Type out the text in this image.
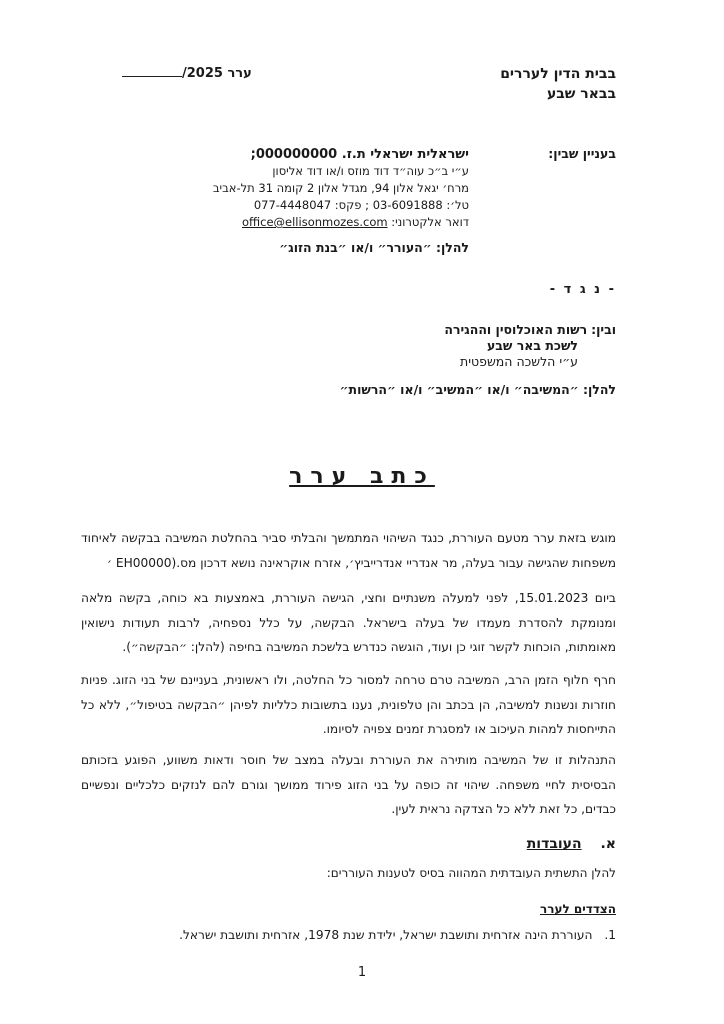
בבית הדין לעררים
בבאר שבע
ערר 2025/
בעניין שבין:
ישראלית ישראלי ת.ז. 000000000;
ע״י ב״כ עוה״ד דוד מוזס ו/או דוד אליסון
מרח׳ יגאל אלון 94, מגדל אלון 2 קומה 31 תל-אביב
טל׳: 03-6091888 ; פקס: 077-4448047
דואר אלקטרוני: office@ellisonmozes.com
להלן: ״העורר״ ו/או ״בנת הזוג״
- נ ג ד -
ובין: רשות האוכלוסין וההגירה
לשכת באר שבע
ע״י הלשכה המשפטית
להלן: ״המשיבה״ ו/או ״המשיב״ ו/או ״הרשות״
כתב ערר
מוגש בזאת ערר מטעם העוררת, כנגד השיהוי המתמשך והבלתי סביר בהחלטת המשיבה בבקשה לאיחוד משפחות שהגישה עבור בעלה, מר אנדריי אנדרייביץ׳, אזרח אוקראינה נושא דרכון מס.(EH00000 ׳
ביום 15.01.2023, לפני למעלה משנתיים וחצי, הגישה העוררת, באמצעות בא כוחה, בקשה מלאה ומנומקת להסדרת מעמדו של בעלה בישראל. הבקשה, על כלל נספחיה, לרבות תעודות נישואין מאומתות, הוכחות לקשר זוגי כן ועוד, הוגשה כנדרש בלשכת המשיבה בחיפה (להלן: ״הבקשה״).
חרף חלוף הזמן הרב, המשיבה טרם טרחה למסור כל החלטה, ולו ראשונית, בעניינם של בני הזוג. פניות חוזרות ונשנות למשיבה, הן בכתב והן טלפונית, נענו בתשובות כלליות לפיהן ״הבקשה בטיפול״, ללא כל התייחסות למהות העיכוב או למסגרת זמנים צפויה לסיומו.
התנהלות זו של המשיבה מותירה את העוררת ובעלה במצב של חוסר ודאות משווע, הפוגע בזכותם הבסיסית לחיי משפחה. שיהוי זה כופה על בני הזוג פירוד ממושך וגורם להם לנזקים כלכליים ונפשיים כבדים, כל זאת ללא כל הצדקה נראית לעין.
א. העובדות
להלן התשתית העובדתית המהווה בסיס לטענות העוררים:
הצדדים לערר
1. העוררת הינה אזרחית ותושבת ישראל, ילידת שנת 1978, אזרחית ותושבת ישראל.
1
